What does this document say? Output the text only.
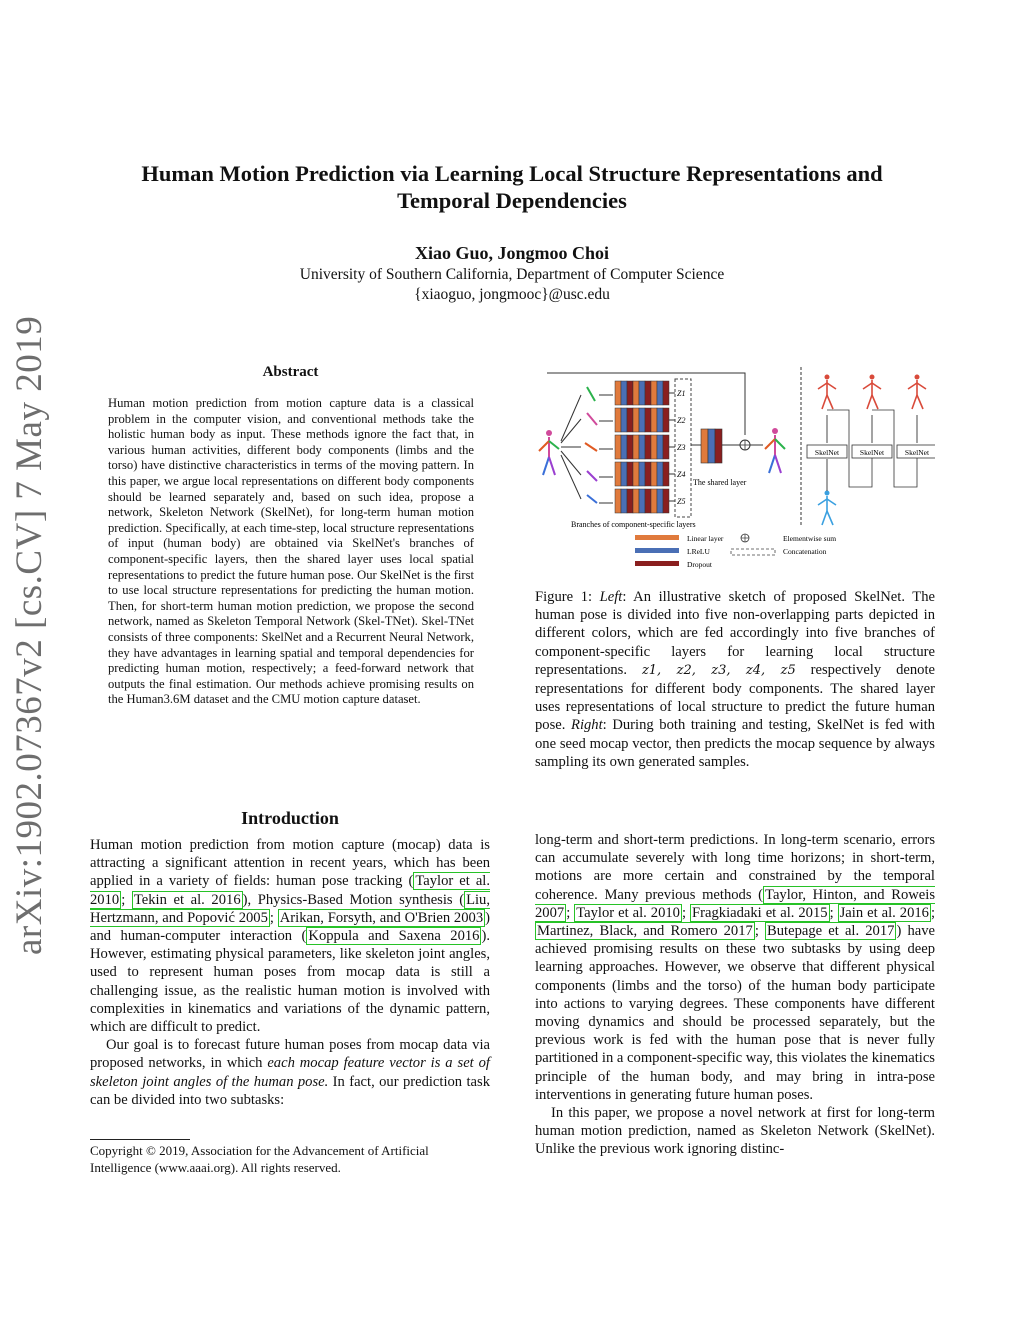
arXiv:1902.07367v2 [cs.CV] 7 May 2019
Human Motion Prediction via Learning Local Structure Representations and Temporal Dependencies
Xiao Guo, Jongmoo Choi
University of Southern California, Department of Computer Science
{xiaoguo, jongmooc}@usc.edu
Abstract
Human motion prediction from motion capture data is a classical problem in the computer vision, and conventional methods take the holistic human body as input. These methods ignore the fact that, in various human activities, different body components (limbs and the torso) have distinctive characteristics in terms of the moving pattern. In this paper, we argue local representations on different body components should be learned separately and, based on such idea, propose a network, Skeleton Network (SkelNet), for long-term human motion prediction. Specifically, at each time-step, local structure representations of input (human body) are obtained via SkelNet's branches of component-specific layers, then the shared layer uses local spatial representations to predict the future human pose. Our SkelNet is the first to use local structure representations for predicting the human motion. Then, for short-term human motion prediction, we propose the second network, named as Skeleton Temporal Network (Skel-TNet). Skel-TNet consists of three components: SkelNet and a Recurrent Neural Network, they have advantages in learning spatial and temporal dependencies for predicting human motion, respectively; a feed-forward network that outputs the final estimation. Our methods achieve promising results on the Human3.6M dataset and the CMU motion capture dataset.
Z1
Z2
Z3
Z4
Z5
The shared layer
Branches of component-specific layers
SkelNet	SkelNet	SkelNet
Linear layer
LReLU
Dropout
Elementwise sum
Concatenation
Figure 1: Left: An illustrative sketch of proposed SkelNet. The human pose is divided into five non-overlapping parts depicted in different colors, which are fed accordingly into five branches of component-specific layers for learning local structure representations. z1, z2, z3, z4, z5 respectively denote representations for different body components. The shared layer uses representations of local structure to predict the future human pose. Right: During both training and testing, SkelNet is fed with one seed mocap vector, then predicts the mocap sequence by always sampling its own generated samples.
Introduction

Human motion prediction from motion capture (mocap) data is attracting a significant attention in recent years, which has been applied in a variety of fields: human pose tracking ( Taylor et al. 2010 ; Tekin et al. 2016 ), Physics-Based Motion synthesis ( Liu, Hertzmann, and Popović 2005 ; Arikan, Forsyth, and O'Brien 2003 ) and human-computer interaction ( Koppula and Saxena 2016 ). However, estimating physical parameters, like skeleton joint angles, used to represent human poses from mocap data is still a challenging issue, as the realistic human motion is involved with complexities in kinematics and variations of the dynamic pattern, which are difficult to predict.

Our goal is to forecast future human poses from mocap data via proposed networks, in which each mocap feature vector is a set of skeleton joint angles of the human pose. In fact, our prediction task can be divided into two subtasks:

Copyright © 2019, Association for the Advancement of Artificial Intelligence (www.aaai.org). All rights reserved.

long-term and short-term predictions. In long-term scenario, errors can accumulate severely with long time horizons; in short-term, motions are more certain and constrained by the temporal coherence. Many previous methods ( Taylor, Hinton, and Roweis 2007 ; Taylor et al. 2010 ; Fragkiadaki et al. 2015 ; Jain et al. 2016 ; Martinez, Black, and Romero 2017 ; Butepage et al. 2017 ) have achieved promising results on these two subtasks by using deep learning approaches. However, we observe that different physical components (limbs and the torso) of the human body participate into actions to varying degrees. These components have different moving dynamics and should be processed separately, but the previous work is fed with the human pose that is never fully partitioned in a component-specific way, this violates the kinematics principle of the human body, and may bring in intra-pose interventions in generating future human poses.

In this paper, we propose a novel network at first for long-term human motion prediction, named as Skeleton Network (SkelNet). Unlike the previous work ignoring distinc-
